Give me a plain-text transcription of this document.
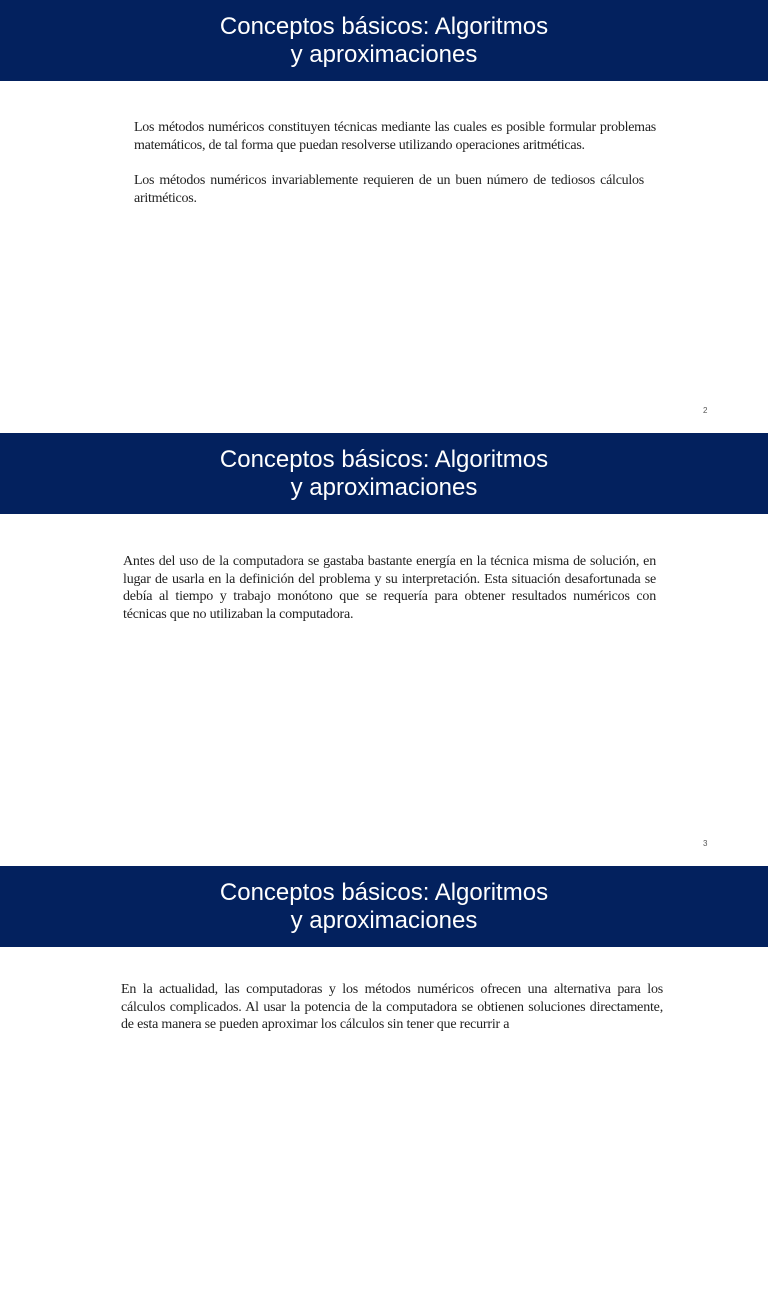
Conceptos básicos: Algoritmos
y aproximaciones

Los métodos numéricos constituyen técnicas mediante las cuales es posible formular problemas matemáticos, de tal forma que puedan resolverse utilizando operaciones aritméticas.

Los métodos numéricos invariablemente requieren de un buen número de tediosos cálculos aritméticos.

2
Conceptos básicos: Algoritmos
y aproximaciones

Antes del uso de la computadora se gastaba bastante energía en la técnica misma de solución, en lugar de usarla en la definición del problema y su interpretación. Esta situación desafortunada se debía al tiempo y trabajo monótono que se requería para obtener resultados numéricos con técnicas que no utilizaban la computadora.

3
Conceptos básicos: Algoritmos
y aproximaciones

En la actualidad, las computadoras y los métodos numéricos ofrecen una alternativa para los cálculos complicados. Al usar la potencia de la computadora se obtienen soluciones directamente, de esta manera se pueden aproximar los cálculos sin tener que recurrir a
